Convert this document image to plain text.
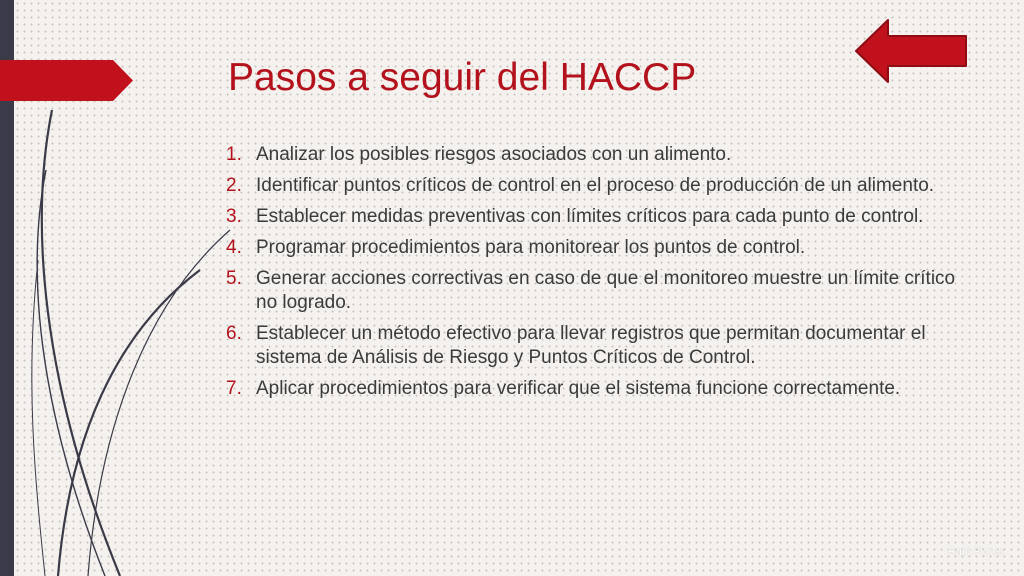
Pasos a seguir del HACCP
1. Analizar los posibles riesgos asociados con un alimento.
2. Identificar puntos críticos de control en el proceso de producción de un alimento.
3. Establecer medidas preventivas con límites críticos para cada punto de control.
4. Programar procedimientos para monitorear los puntos de control.
5. Generar acciones correctivas en caso de que el monitoreo muestre un límite crítico no logrado.
6. Establecer un método efectivo para llevar registros que permitan documentar el sistema de Análisis de Riesgo y Puntos Críticos de Control.
7. Aplicar procedimientos para verificar que el sistema funcione correctamente.
Raúl Flores
